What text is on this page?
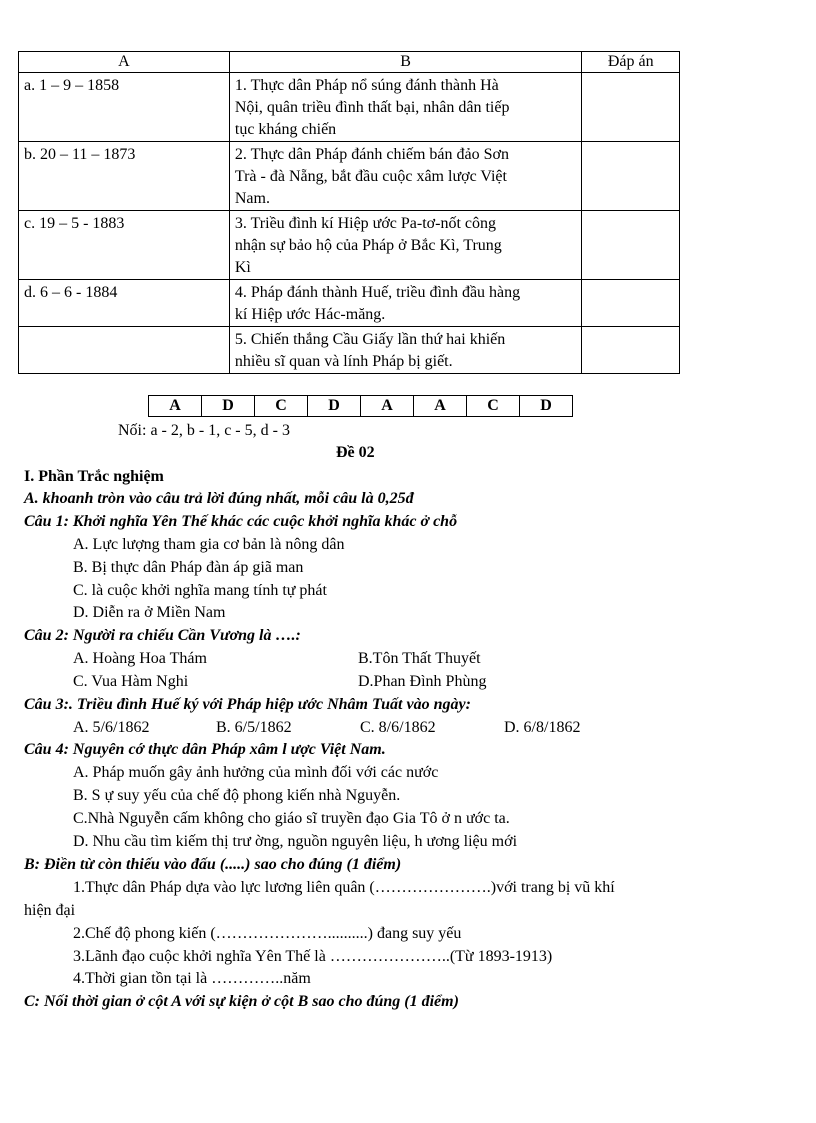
A	B	Đáp án
a. 1 – 9 – 1858	1. Thực dân Pháp nổ súng đánh thành Hà
Nội, quân triều đình thất bại, nhân dân tiếp
tục kháng chiến	

b. 20 – 11 – 1873	2. Thực dân Pháp đánh chiếm bán đảo Sơn
Trà - đà Nẵng, bắt đầu cuộc xâm lược Việt
Nam.	

c. 19 – 5 - 1883	3. Triều đình kí Hiệp ước Pa-tơ-nốt công
nhận sự bảo hộ của Pháp ở Bắc Kì, Trung
Kì	

d. 6 – 6 - 1884	4. Pháp đánh thành Huế, triều đình đầu hàng
kí Hiệp ước Hác-măng.	

	5. Chiến thắng Cầu Giấy lần thứ hai khiến
nhiều sĩ quan và lính Pháp bị giết.	

A	D	C	D	A	A	C	D
Nối: a - 2, b - 1, c - 5, d - 3
Đề 02
I. Phần Trắc nghiệm
A. khoanh tròn vào câu trả lời đúng nhất, mỗi câu là 0,25đ
Câu 1: Khởi nghĩa Yên Thế khác các cuộc khởi nghĩa khác ở chỗ
A. Lực lượng tham gia cơ bản là nông dân
B. Bị thực dân Pháp đàn áp giã man
C. là cuộc khởi nghĩa mang tính tự phát
D. Diễn ra ở Miền Nam
Câu 2: Người ra chiếu Cần Vương là ….:
A. Hoàng Hoa Thám	B.Tôn Thất Thuyết
C. Vua Hàm Nghi	D.Phan Đình Phùng
Câu 3:. Triều đình Huế ký với Pháp hiệp ước Nhâm Tuất vào ngày:
A. 5/6/1862	B. 6/5/1862	C. 8/6/1862	D. 6/8/1862
Câu 4: Nguyên cớ thực dân Pháp xâm l ược Việt Nam.
A. Pháp muốn gây ảnh hưởng của mình đối với các nước
B. S ự suy yếu của chế độ phong kiến nhà Nguyễn.
C.Nhà Nguyễn cấm không cho giáo sĩ truyền đạo Gia Tô ở n ước ta.
D. Nhu cầu tìm kiếm thị trư ờng, nguồn nguyên liệu, h ương liệu mới
B: Điền từ còn thiếu vào đấu (.....) sao cho đúng (1 điểm)
1.Thực dân Pháp dựa vào lực lương liên quân (………………….)với trang bị vũ khí
hiện đại
2.Chế độ phong kiến (…………………..........) đang suy yếu
3.Lãnh đạo cuộc khởi nghĩa Yên Thế là …………………..(Từ 1893-1913)
4.Thời gian tồn tại là …………..năm
C: Nối thời gian ở cột A với sự kiện ở cột B sao cho đúng (1 điểm)
